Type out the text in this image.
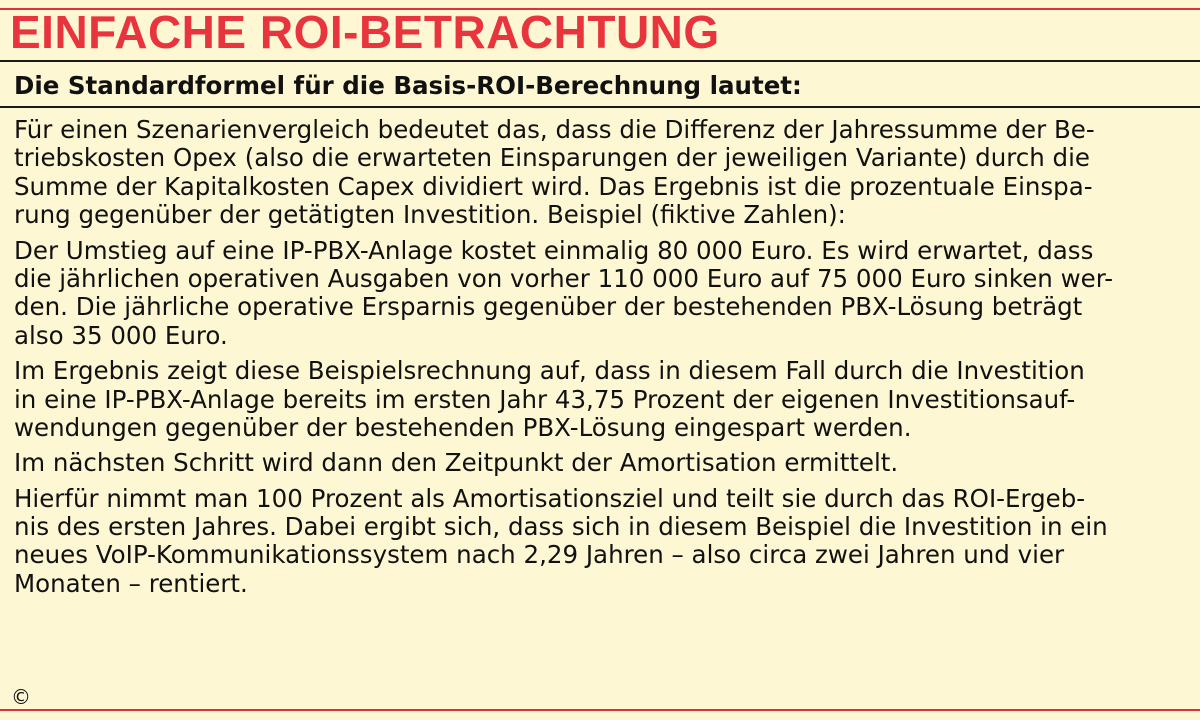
EINFACHE ROI-BETRACHTUNG
Die Standardformel für die Basis-ROI-Berechnung lautet:

Für einen Szenarienvergleich bedeutet das, dass die Differenz der Jahressumme der Be-
triebskosten Opex (also die erwarteten Einsparungen der jeweiligen Variante) durch die
Summe der Kapitalkosten Capex dividiert wird. Das Ergebnis ist die prozentuale Einspa-
rung gegenüber der getätigten Investition. Beispiel (fiktive Zahlen):

Der Umstieg auf eine IP-PBX-Anlage kostet einmalig 80 000 Euro. Es wird erwartet, dass
die jährlichen operativen Ausgaben von vorher 110 000 Euro auf 75 000 Euro sinken wer-
den. Die jährliche operative Ersparnis gegenüber der bestehenden PBX-Lösung beträgt
also 35 000 Euro.

Im Ergebnis zeigt diese Beispielsrechnung auf, dass in diesem Fall durch die Investition
in eine IP-PBX-Anlage bereits im ersten Jahr 43,75 Prozent der eigenen Investitionsauf-
wendungen gegenüber der bestehenden PBX-Lösung eingespart werden.

Im nächsten Schritt wird dann den Zeitpunkt der Amortisation ermittelt.

Hierfür nimmt man 100 Prozent als Amortisationsziel und teilt sie durch das ROI-Ergeb-
nis des ersten Jahres. Dabei ergibt sich, dass sich in diesem Beispiel die Investition in ein
neues VoIP-Kommunikationssystem nach 2,29 Jahren – also circa zwei Jahren und vier
Monaten – rentiert.

©
